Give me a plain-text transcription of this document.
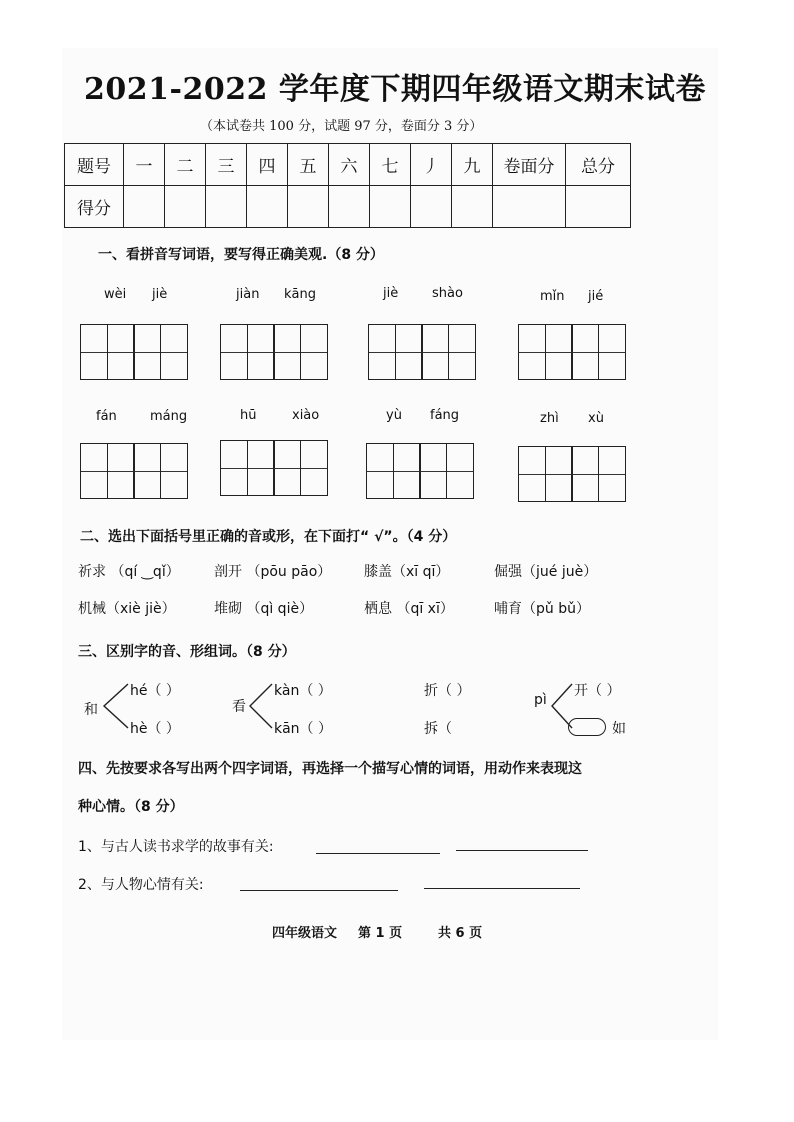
2021-2022 学年度下期四年级语文期末试卷
（本试卷共 100 分，试题 97 分，卷面分 3 分）
题号	一	二	三	四	五	六	七	丿	九	卷面分	总分
得分											
一、看拼音写词语，要写得正确美观.（8 分）
wèi jiè	jiàn kāng	jiè	shào	mǐn jié
fán	máng	hū	xiào	yù fáng	zhì xù
二、选出下面括号里正确的音或形，在下面打“ √”。（4 分）
祈求 （qí ‿qǐ） 剖开 （pōu pāo） 膝盖（xī qī）	倔强（jué juè）
机械（xiè jiè）	堆砌 （qì qiè）	栖息 （qī xī）	哺育（pǔ bǔ）
三、区别字的音、形组词。（8 分）
和
hé（ ）
hè（ ）
看
kàn（ ）
kān（ ）
折（ ）
拆（
pì
开（ ）
如
四、先按要求各写出两个四字词语，再选择一个描写心情的词语，用动作来表现这
种心情。（8 分）
1、与古人读书求学的故事有关:
2、与人物心情有关:
四年级语文 第 1 页	共 6 页
